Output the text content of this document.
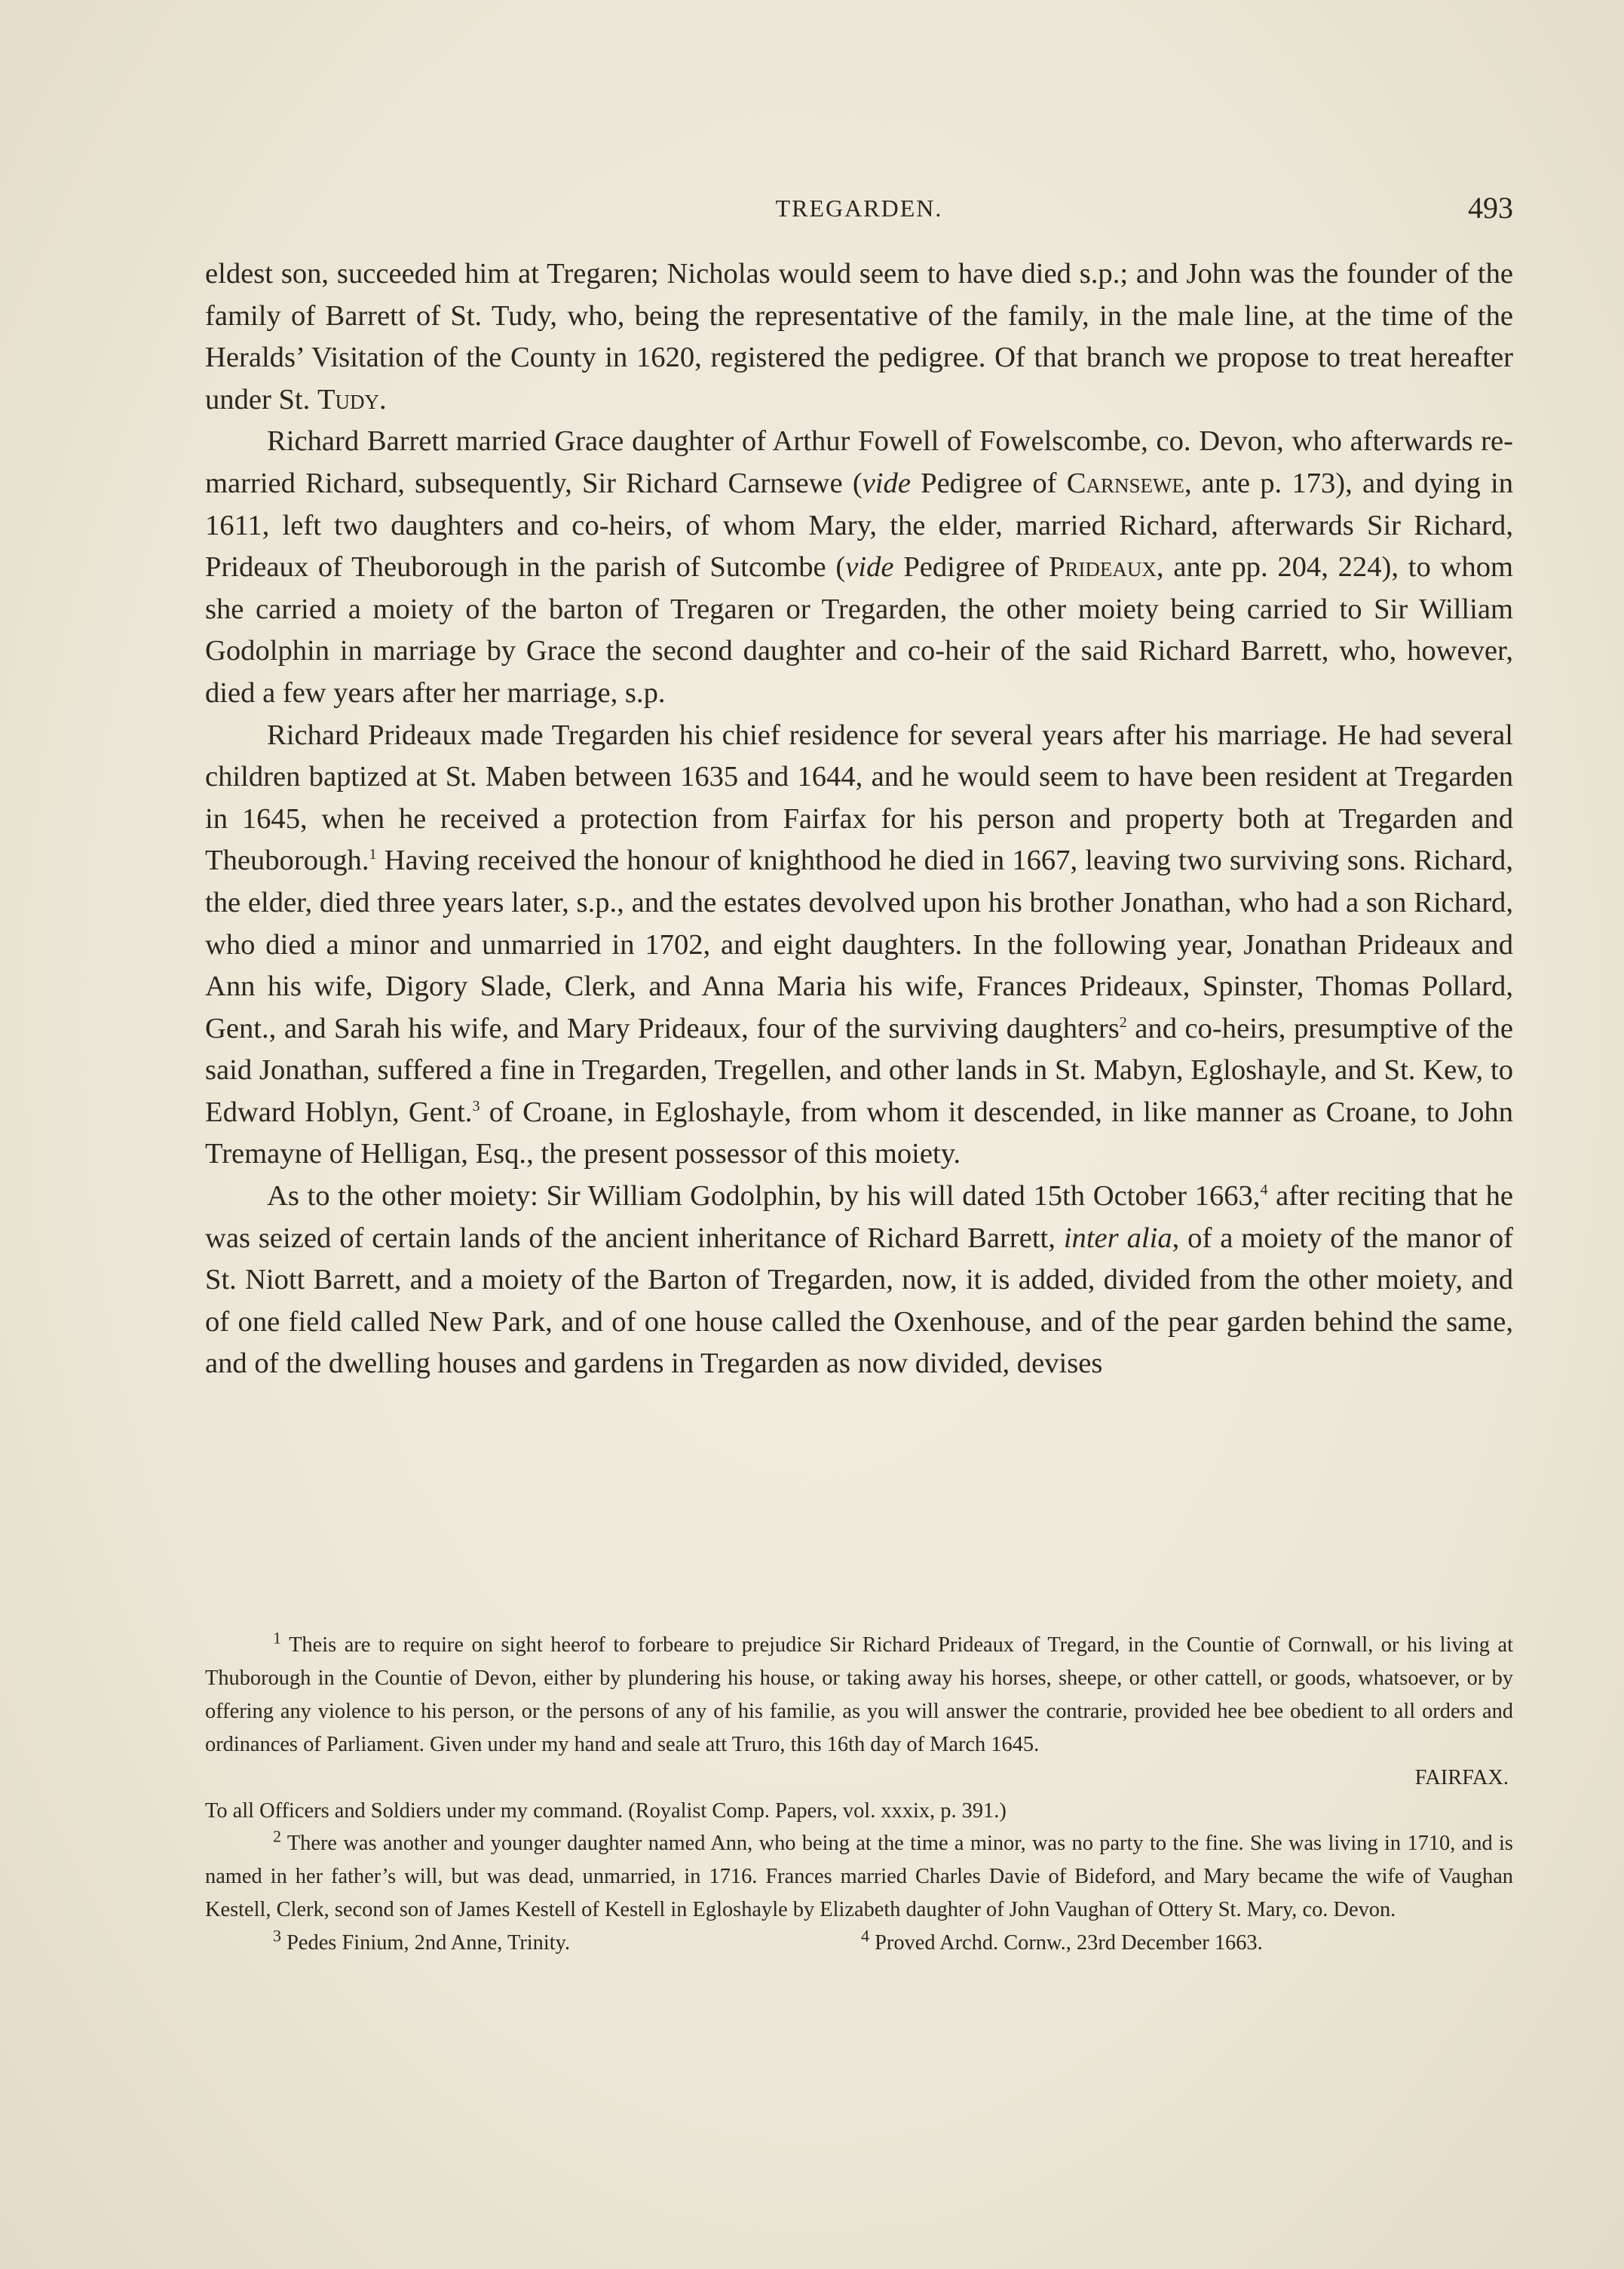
TREGARDEN.	493

eldest son, succeeded him at Tregaren; Nicholas would seem to have died s.p.; and John was the founder of the family of Barrett of St. Tudy, who, being the representative of the family, in the male line, at the time of the Heralds’ Visitation of the County in 1620, registered the pedigree. Of that branch we propose to treat hereafter under St. Tudy.

Richard Barrett married Grace daughter of Arthur Fowell of Fowelscombe, co. Devon, who afterwards re-married Richard, subsequently, Sir Richard Carnsewe (vide Pedigree of Carnsewe, ante p. 173), and dying in 1611, left two daughters and co-heirs, of whom Mary, the elder, married Richard, afterwards Sir Richard, Prideaux of Theuborough in the parish of Sutcombe (vide Pedigree of Prideaux, ante pp. 204, 224), to whom she carried a moiety of the barton of Tregaren or Tregarden, the other moiety being carried to Sir William Godolphin in marriage by Grace the second daughter and co-heir of the said Richard Barrett, who, however, died a few years after her marriage, s.p.

Richard Prideaux made Tregarden his chief residence for several years after his marriage. He had several children baptized at St. Maben between 1635 and 1644, and he would seem to have been resident at Tregarden in 1645, when he received a protection from Fairfax for his person and property both at Tregarden and Theuborough.$^1$ Having received the honour of knighthood he died in 1667, leaving two surviving sons. Richard, the elder, died three years later, s.p., and the estates devolved upon his brother Jonathan, who had a son Richard, who died a minor and unmarried in 1702, and eight daughters. In the following year, Jonathan Prideaux and Ann his wife, Digory Slade, Clerk, and Anna Maria his wife, Frances Prideaux, Spinster, Thomas Pollard, Gent., and Sarah his wife, and Mary Prideaux, four of the surviving daughters$^2$ and co-heirs, presumptive of the said Jonathan, suffered a fine in Tregarden, Tregellen, and other lands in St. Mabyn, Egloshayle, and St. Kew, to Edward Hoblyn, Gent.$^3$ of Croane, in Egloshayle, from whom it descended, in like manner as Croane, to John Tremayne of Helligan, Esq., the present possessor of this moiety.

As to the other moiety: Sir William Godolphin, by his will dated 15th October 1663,$^4$ after reciting that he was seized of certain lands of the ancient inheritance of Richard Barrett, inter alia, of a moiety of the manor of St. Niott Barrett, and a moiety of the Barton of Tregarden, now, it is added, divided from the other moiety, and of one field called New Park, and of one house called the Oxenhouse, and of the pear garden behind the same, and of the dwelling houses and gardens in Tregarden as now divided, devises

$^1$ Theis are to require on sight heerof to forbeare to prejudice Sir Richard Prideaux of Tregard, in the Countie of Cornwall, or his living at Thuborough in the Countie of Devon, either by plundering his house, or taking away his horses, sheepe, or other cattell, or goods, whatsoever, or by offering any violence to his person, or the persons of any of his familie, as you will answer the contrarie, provided hee bee obedient to all orders and ordinances of Parliament. Given under my hand and seale att Truro, this 16th day of March 1645.

FAIRFAX.

To all Officers and Soldiers under my command. (Royalist Comp. Papers, vol. xxxix, p. 391.)

$^2$ There was another and younger daughter named Ann, who being at the time a minor, was no party to the fine. She was living in 1710, and is named in her father’s will, but was dead, unmarried, in 1716. Frances married Charles Davie of Bideford, and Mary became the wife of Vaughan Kestell, Clerk, second son of James Kestell of Kestell in Egloshayle by Elizabeth daughter of John Vaughan of Ottery St. Mary, co. Devon.

$^3$ Pedes Finium, 2nd Anne, Trinity.	$^4$ Proved Archd. Cornw., 23rd December 1663.
